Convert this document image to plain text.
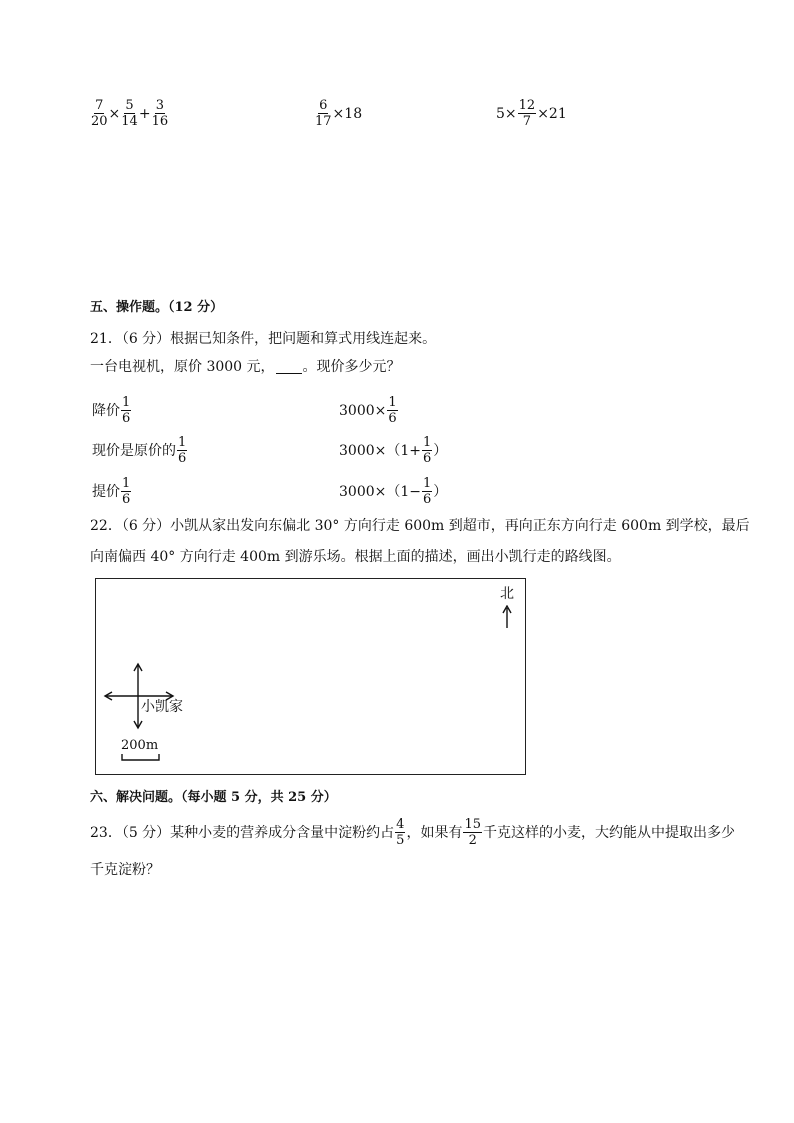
$\frac{7}{20} \times \frac{5}{14} + \frac{3}{16}$	$\frac{6}{17} \times 18$	$5\times \frac{12}{7} \times 21$
五、操作题。（12 分）
21．（6 分）根据已知条件，把问题和算式用线连起来。
一台电视机，原价 3000 元， 。现价多少元？
降价 $\frac{1}{6}$
现价是原价的 $\frac{1}{6}$
提价 $\frac{1}{6}$
$3000\times \frac{1}{6}$
$3000\times(1+ \frac{1}{6}$ ）
$3000\times(1- \frac{1}{6}$ ）
22．（6 分）小凯从家出发向东偏北 30° 方向行走 600m 到超市，再向正东方向行走 600m 到学校，最后
向南偏西 40° 方向行走 400m 到游乐场。根据上面的描述，画出小凯行走的路线图。
北
小凯家
200m
六、解决问题。（每小题 5 分，共 25 分）
23．（5 分）某种小麦的营养成分含量中淀粉约占 $\frac{4}{5}$ ，如果有 $\frac{15}{2}$ 千克这样的小麦，大约能从中提取出多少
千克淀粉？
